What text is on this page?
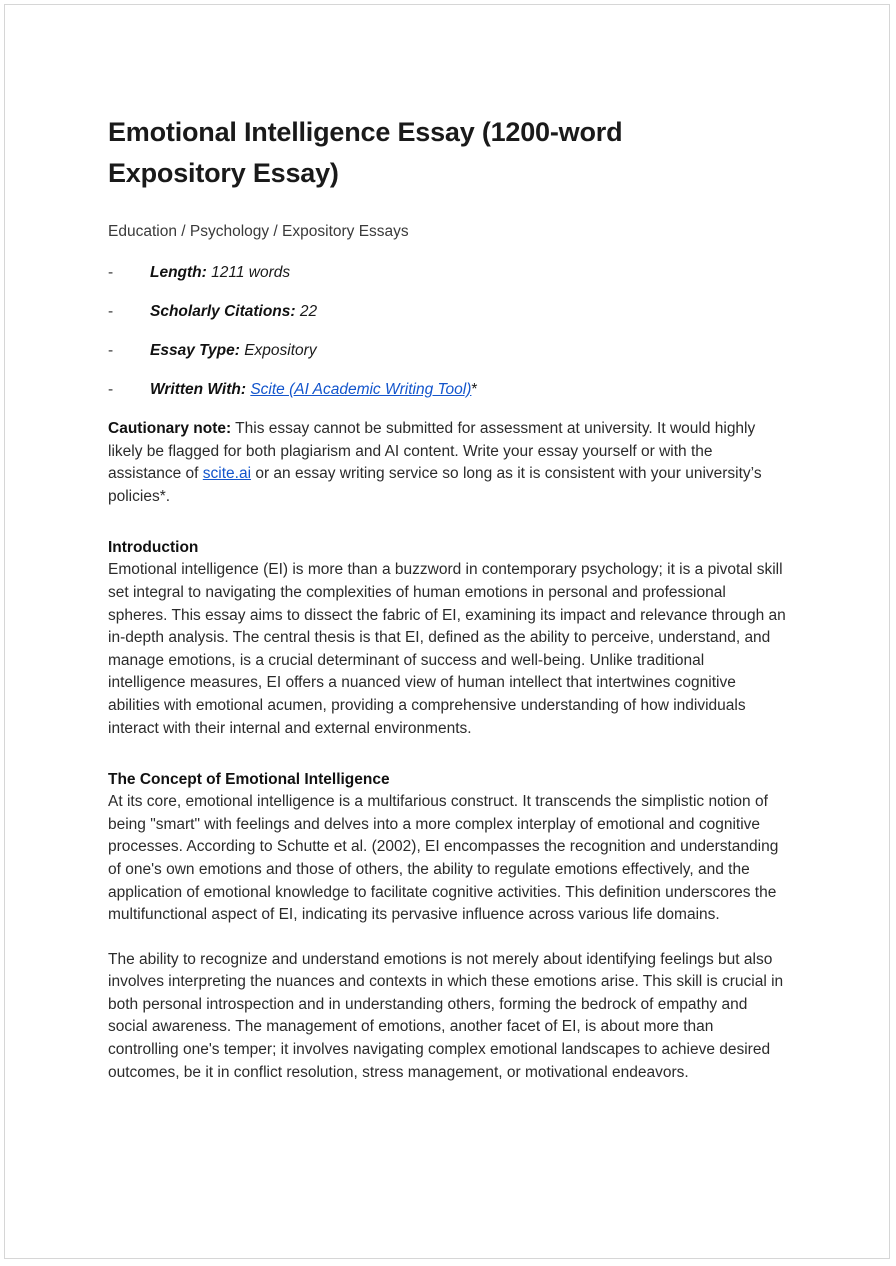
Emotional Intelligence Essay (1200-word Expository Essay)
Education / Psychology / Expository Essays
-	Length: 1211 words
-	Scholarly Citations: 22
-	Essay Type: Expository
-	Written With: Scite (AI Academic Writing Tool)*

Cautionary note: This essay cannot be submitted for assessment at university. It would highly likely be flagged for both plagiarism and AI content. Write your essay yourself or with the assistance of scite.ai or an essay writing service so long as it is consistent with your university’s policies*.

Introduction

Emotional intelligence (EI) is more than a buzzword in contemporary psychology; it is a pivotal skill set integral to navigating the complexities of human emotions in personal and professional spheres. This essay aims to dissect the fabric of EI, examining its impact and relevance through an in-depth analysis. The central thesis is that EI, defined as the ability to perceive, understand, and manage emotions, is a crucial determinant of success and well-being. Unlike traditional intelligence measures, EI offers a nuanced view of human intellect that intertwines cognitive abilities with emotional acumen, providing a comprehensive understanding of how individuals interact with their internal and external environments.

The Concept of Emotional Intelligence

At its core, emotional intelligence is a multifarious construct. It transcends the simplistic notion of being "smart" with feelings and delves into a more complex interplay of emotional and cognitive processes. According to Schutte et al. (2002), EI encompasses the recognition and understanding of one's own emotions and those of others, the ability to regulate emotions effectively, and the application of emotional knowledge to facilitate cognitive activities. This definition underscores the multifunctional aspect of EI, indicating its pervasive influence across various life domains.

The ability to recognize and understand emotions is not merely about identifying feelings but also involves interpreting the nuances and contexts in which these emotions arise. This skill is crucial in both personal introspection and in understanding others, forming the bedrock of empathy and social awareness. The management of emotions, another facet of EI, is about more than controlling one's temper; it involves navigating complex emotional landscapes to achieve desired outcomes, be it in conflict resolution, stress management, or motivational endeavors.
